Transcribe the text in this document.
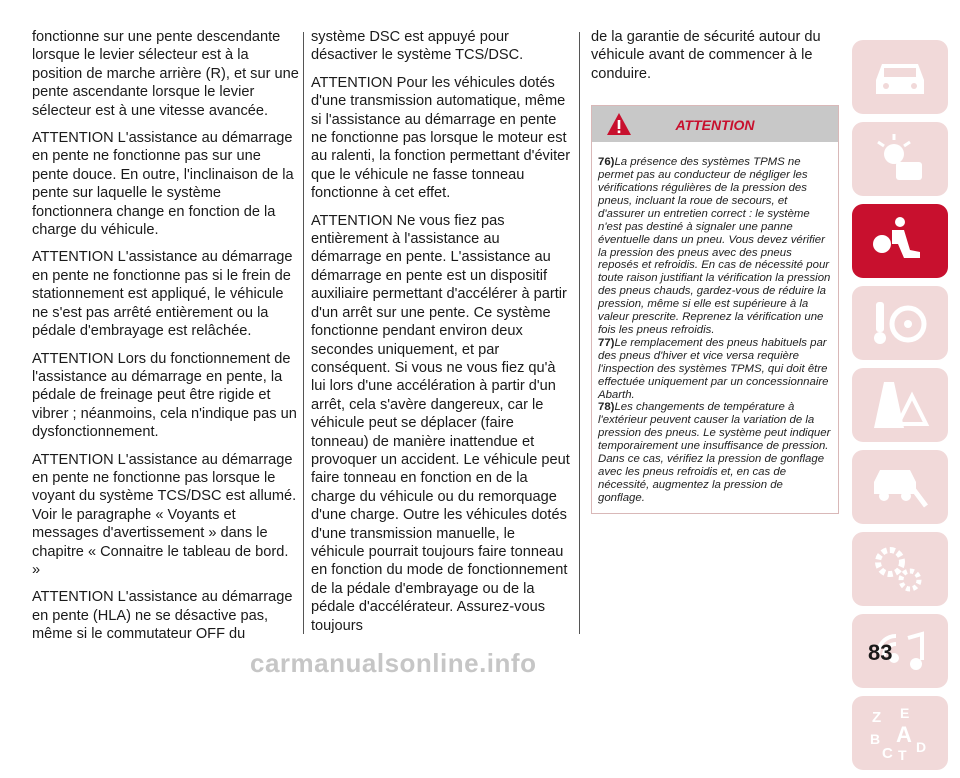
fonctionne sur une pente descendante lorsque le levier sélecteur est à la position de marche arrière (R), et sur une pente ascendante lorsque le levier sélecteur est à une vitesse avancée.

ATTENTION L'assistance au démarrage en pente ne fonctionne pas sur une pente douce. En outre, l'inclinaison de la pente sur laquelle le système fonctionnera change en fonction de la charge du véhicule.

ATTENTION L'assistance au démarrage en pente ne fonctionne pas si le frein de stationnement est appliqué, le véhicule ne s'est pas arrêté entièrement ou la pédale d'embrayage est relâchée.

ATTENTION Lors du fonctionnement de l'assistance au démarrage en pente, la pédale de freinage peut être rigide et vibrer ; néanmoins, cela n'indique pas un dysfonctionnement.

ATTENTION L'assistance au démarrage en pente ne fonctionne pas lorsque le voyant du système TCS/DSC est allumé. Voir le paragraphe « Voyants et messages d'avertissement » dans le chapitre « Connaitre le tableau de bord. »

ATTENTION L'assistance au démarrage en pente (HLA) ne se désactive pas, même si le commutateur OFF du

système DSC est appuyé pour désactiver le système TCS/DSC.

ATTENTION Pour les véhicules dotés d'une transmission automatique, même si l'assistance au démarrage en pente ne fonctionne pas lorsque le moteur est au ralenti, la fonction permettant d'éviter que le véhicule ne fasse tonneau fonctionne à cet effet.

ATTENTION Ne vous fiez pas entièrement à l'assistance au démarrage en pente. L'assistance au démarrage en pente est un dispositif auxiliaire permettant d'accélérer à partir d'un arrêt sur une pente. Ce système fonctionne pendant environ deux secondes uniquement, et par conséquent. Si vous ne vous fiez qu'à lui lors d'une accélération à partir d'un arrêt, cela s'avère dangereux, car le véhicule peut se déplacer (faire tonneau) de manière inattendue et provoquer un accident. Le véhicule peut faire tonneau en fonction en de la charge du véhicule ou du remorquage d'une charge. Outre les véhicules dotés d'une transmission manuelle, le véhicule pourrait toujours faire tonneau en fonction du mode de fonctionnement de la pédale d'embrayage ou de la pédale d'accélérateur. Assurez-vous toujours

de la garantie de sécurité autour du véhicule avant de commencer à le conduire.

ATTENTION

76)La présence des systèmes TPMS ne permet pas au conducteur de négliger les vérifications régulières de la pression des pneus, incluant la roue de secours, et d'assurer un entretien correct : le système n'est pas destiné à signaler une panne éventuelle dans un pneu. Vous devez vérifier la pression des pneus avec des pneus reposés et refroidis. En cas de nécessité pour toute raison justifiant la vérification la pression des pneus chauds, gardez-vous de réduire la pression, même si elle est supérieure à la valeur prescrite. Reprenez la vérification une fois les pneus refroidis.

77)Le remplacement des pneus habituels par des pneus d'hiver et vice versa requière l'inspection des systèmes TPMS, qui doit être effectuée uniquement par un concessionnaire Abarth.

78)Les changements de température à l'extérieur peuvent causer la variation de la pression des pneus. Le système peut indiquer temporairement une insuffisance de pression. Dans ce cas, vérifiez la pression de gonflage avec les pneus refroidis et, en cas de nécessité, augmentez la pression de gonflage.

Z E
A
B
C T D
83
carmanualsonline.info
